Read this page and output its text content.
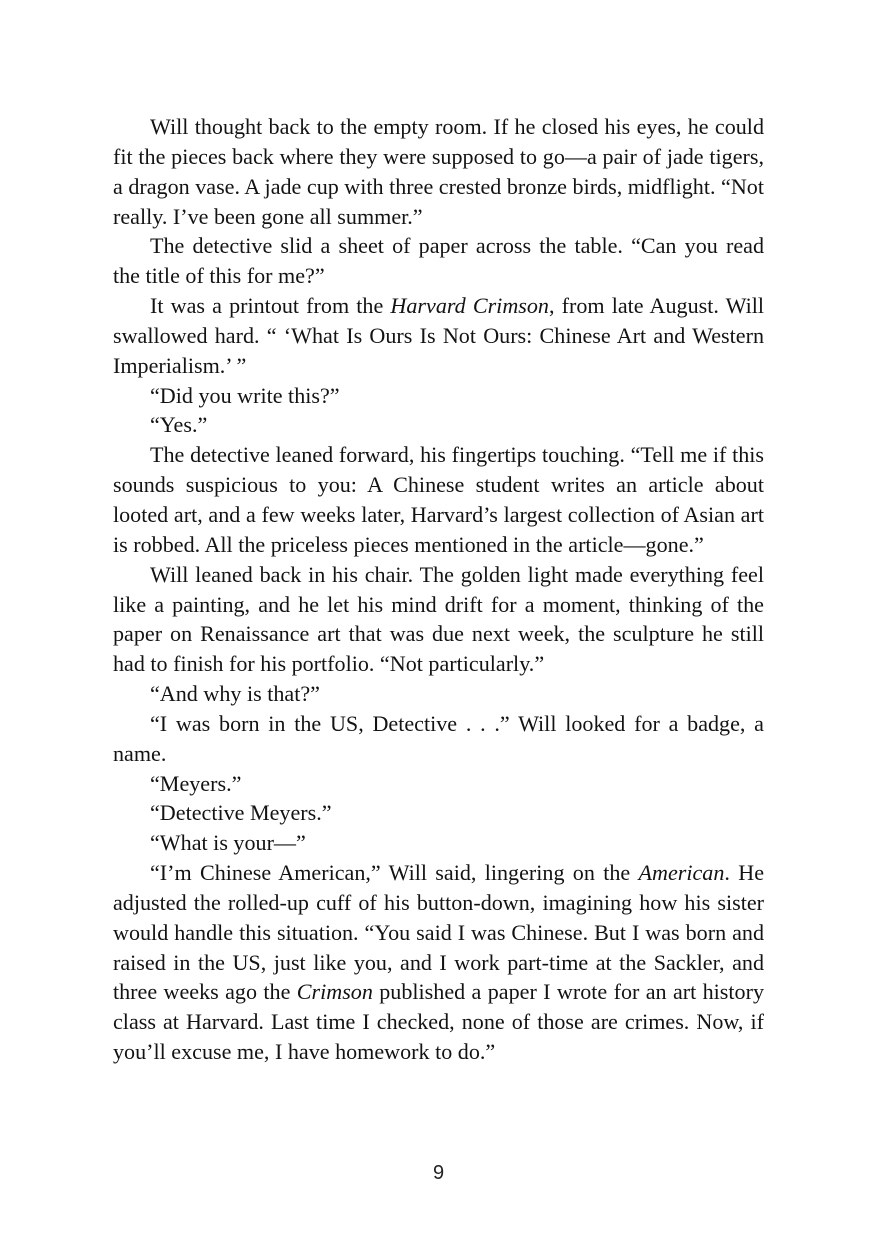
Will thought back to the empty room. If he closed his eyes, he could fit the pieces back where they were supposed to go—a pair of jade tigers, a dragon vase. A jade cup with three crested bronze birds, midflight. “Not really. I’ve been gone all summer.”

The detective slid a sheet of paper across the table. “Can you read the title of this for me?”

It was a printout from the Harvard Crimson, from late August. Will swallowed hard. “ ‘What Is Ours Is Not Ours: Chinese Art and Western Imperialism.’ ”

“Did you write this?”

“Yes.”

The detective leaned forward, his fingertips touching. “Tell me if this sounds suspicious to you: A Chinese student writes an article about looted art, and a few weeks later, Harvard’s largest collection of Asian art is robbed. All the priceless pieces mentioned in the article—gone.”

Will leaned back in his chair. The golden light made everything feel like a painting, and he let his mind drift for a moment, thinking of the paper on Renaissance art that was due next week, the sculpture he still had to finish for his portfolio. “Not particularly.”

“And why is that?”

“I was born in the US, Detective . . .” Will looked for a badge, a name.

“Meyers.”

“Detective Meyers.”

“What is your—”

“I’m Chinese American,” Will said, lingering on the American. He adjusted the rolled-up cuff of his button-down, imagining how his sister would handle this situation. “You said I was Chinese. But I was born and raised in the US, just like you, and I work part-time at the Sackler, and three weeks ago the Crimson published a paper I wrote for an art history class at Harvard. Last time I checked, none of those are crimes. Now, if you’ll excuse me, I have homework to do.”

9
